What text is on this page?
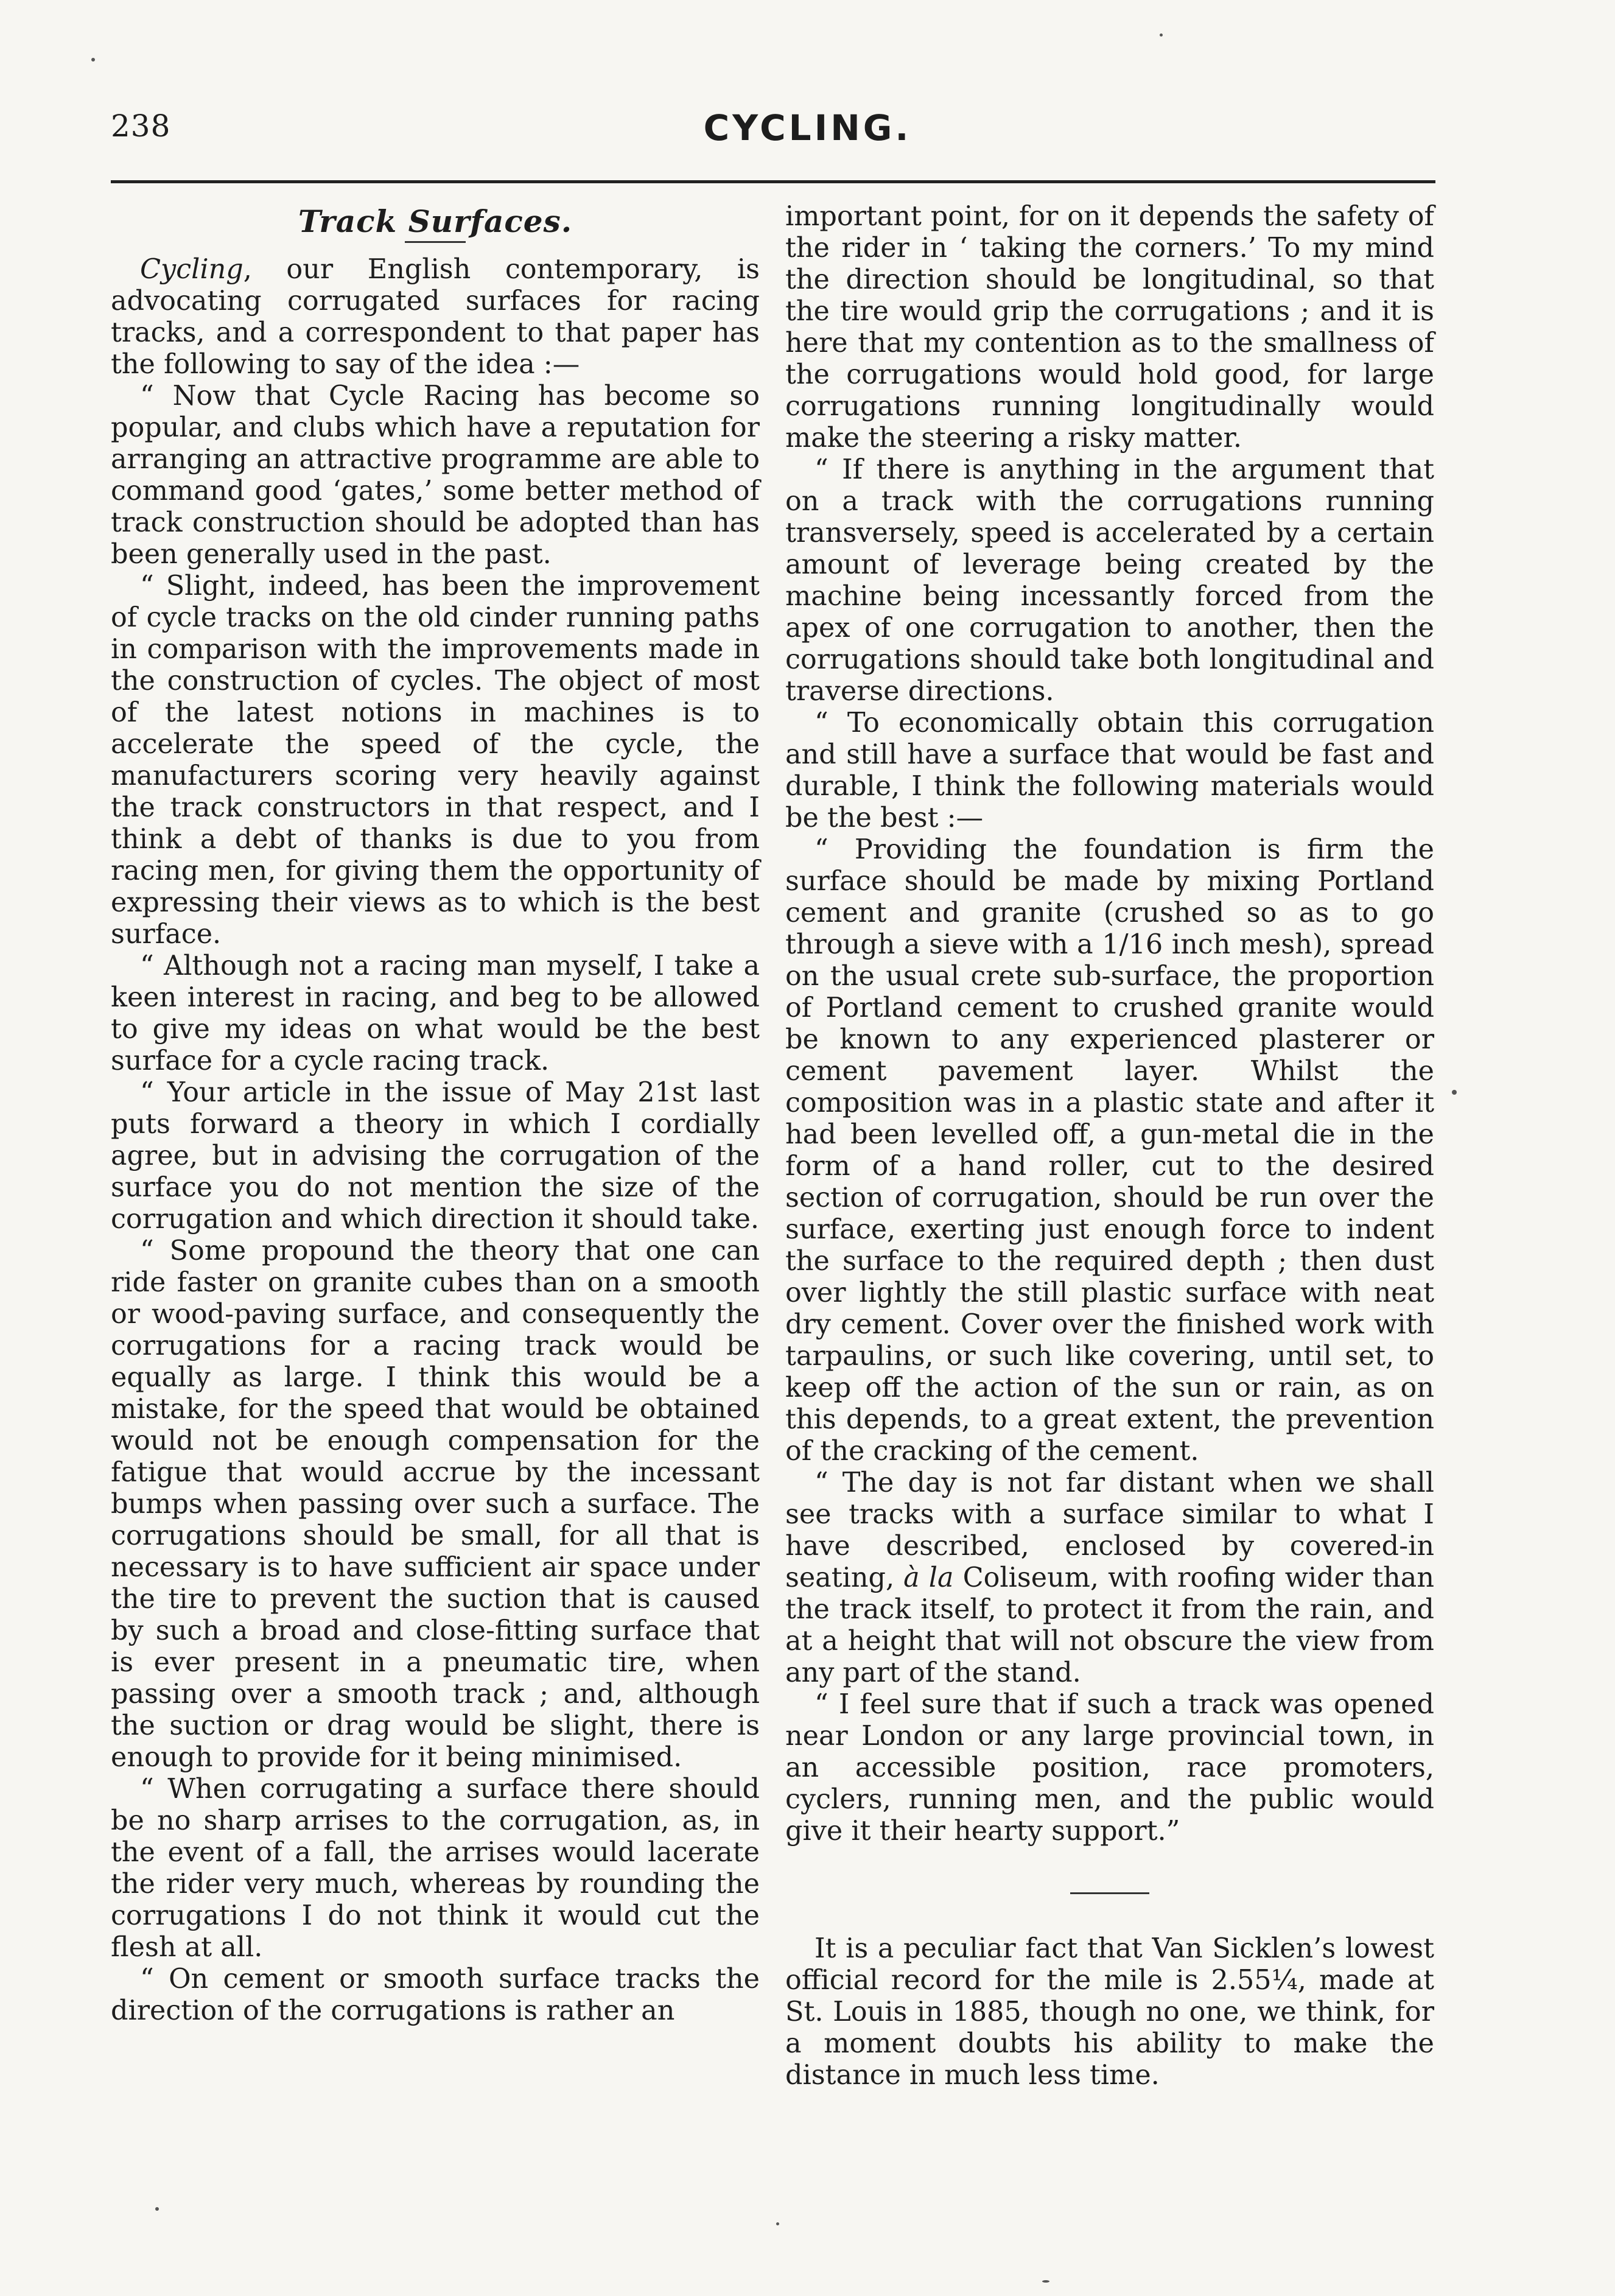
238	CYCLING.
Track Surfaces.

Cycling, our English contemporary, is advocating corrugated surfaces for racing tracks, and a correspondent to that paper has the following to say of the idea :—

“ Now that Cycle Racing has become so popular, and clubs which have a reputation for arranging an attractive programme are able to command good ‘gates,’ some better method of track construction should be adopted than has been generally used in the past.

“ Slight, indeed, has been the improvement of cycle tracks on the old cinder running paths in comparison with the improvements made in the construction of cycles. The object of most of the latest notions in machines is to accelerate the speed of the cycle, the manufacturers scoring very heavily against the track constructors in that respect, and I think a debt of thanks is due to you from racing men, for giving them the opportunity of expressing their views as to which is the best surface.

“ Although not a racing man myself, I take a keen interest in racing, and beg to be allowed to give my ideas on what would be the best surface for a cycle racing track.

“ Your article in the issue of May 21st last puts forward a theory in which I cordially agree, but in advising the corrugation of the surface you do not mention the size of the corrugation and which direction it should take.

“ Some propound the theory that one can ride faster on granite cubes than on a smooth or wood-paving surface, and consequently the corrugations for a racing track would be equally as large. I think this would be a mistake, for the speed that would be obtained would not be enough compensation for the fatigue that would accrue by the incessant bumps when passing over such a surface. The corrugations should be small, for all that is necessary is to have sufficient air space under the tire to prevent the suction that is caused by such a broad and close-fitting surface that is ever present in a pneumatic tire, when passing over a smooth track ; and, although the suction or drag would be slight, there is enough to provide for it being minimised.

“ When corrugating a surface there should be no sharp arrises to the corrugation, as, in the event of a fall, the arrises would lacerate the rider very much, whereas by rounding the corrugations I do not think it would cut the flesh at all.

“ On cement or smooth surface tracks the direction of the corrugations is rather an

important point, for on it depends the safety of the rider in ‘ taking the corners.’ To my mind the direction should be longitudinal, so that the tire would grip the corrugations ; and it is here that my contention as to the smallness of the corrugations would hold good, for large corrugations running longitudinally would make the steering a risky matter.

“ If there is anything in the argument that on a track with the corrugations running transversely, speed is accelerated by a certain amount of leverage being created by the machine being incessantly forced from the apex of one corrugation to another, then the corrugations should take both longitudinal and traverse directions.

“ To economically obtain this corrugation and still have a surface that would be fast and durable, I think the following materials would be the best :—

“ Providing the foundation is firm the surface should be made by mixing Portland cement and granite (crushed so as to go through a sieve with a 1/16 inch mesh), spread on the usual crete sub-surface, the proportion of Portland cement to crushed granite would be known to any experienced plasterer or cement pavement layer. Whilst the composition was in a plastic state and after it had been levelled off, a gun-metal die in the form of a hand roller, cut to the desired section of corrugation, should be run over the surface, exerting just enough force to indent the surface to the required depth ; then dust over lightly the still plastic surface with neat dry cement. Cover over the finished work with tarpaulins, or such like covering, until set, to keep off the action of the sun or rain, as on this depends, to a great extent, the prevention of the cracking of the cement.

“ The day is not far distant when we shall see tracks with a surface similar to what I have described, enclosed by covered-in seating, à la Coliseum, with roofing wider than the track itself, to protect it from the rain, and at a height that will not obscure the view from any part of the stand.

“ I feel sure that if such a track was opened near London or any large provincial town, in an accessible position, race promoters, cyclers, running men, and the public would give it their hearty support.”

It is a peculiar fact that Van Sicklen’s lowest official record for the mile is 2.55¼, made at St. Louis in 1885, though no one, we think, for a moment doubts his ability to make the distance in much less time.
